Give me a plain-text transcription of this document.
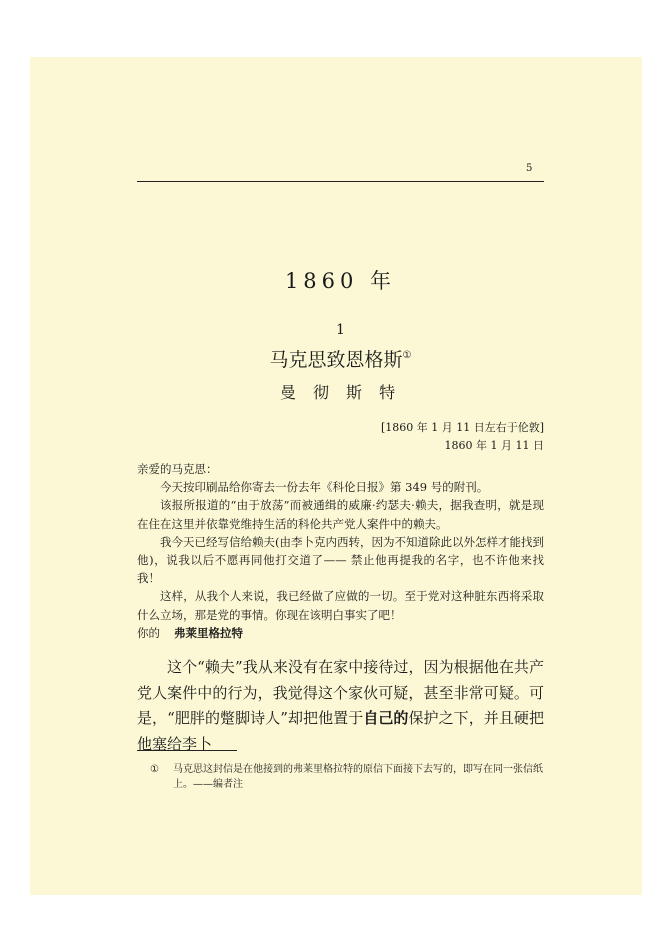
5
1860 年
1
马克思致恩格斯①
曼 彻 斯 特
[1860 年 1 月 11 日左右于伦敦]
1860 年 1 月 11 日

亲爱的马克思：

今天按印刷品给你寄去一份去年《科伦日报》第 349 号的附刊。

该报所报道的“由于放荡”而被通缉的威廉·约瑟夫·赖夫，据我查明，就是现在住在这里并依靠党维持生活的科伦共产党人案件中的赖夫。

我今天已经写信给赖夫(由李卜克内西转，因为不知道除此以外怎样才能找到他)，说我以后不愿再同他打交道了—— 禁止他再提我的名字，也不许他来找我！

这样，从我个人来说，我已经做了应做的一切。至于党对这种脏东西将采取什么立场，那是党的事情。你现在该明白事实了吧！

你的 弗莱里格拉特

这个“赖夫”我从来没有在家中接待过，因为根据他在共产党人案件中的行为，我觉得这个家伙可疑，甚至非常可疑。可是，“肥胖的蹩脚诗人”却把他置于自己的保护之下，并且硬把他塞给李卜

①	马克思这封信是在他接到的弗莱里格拉特的原信下面接下去写的，即写在同一张信纸上。——编者注
